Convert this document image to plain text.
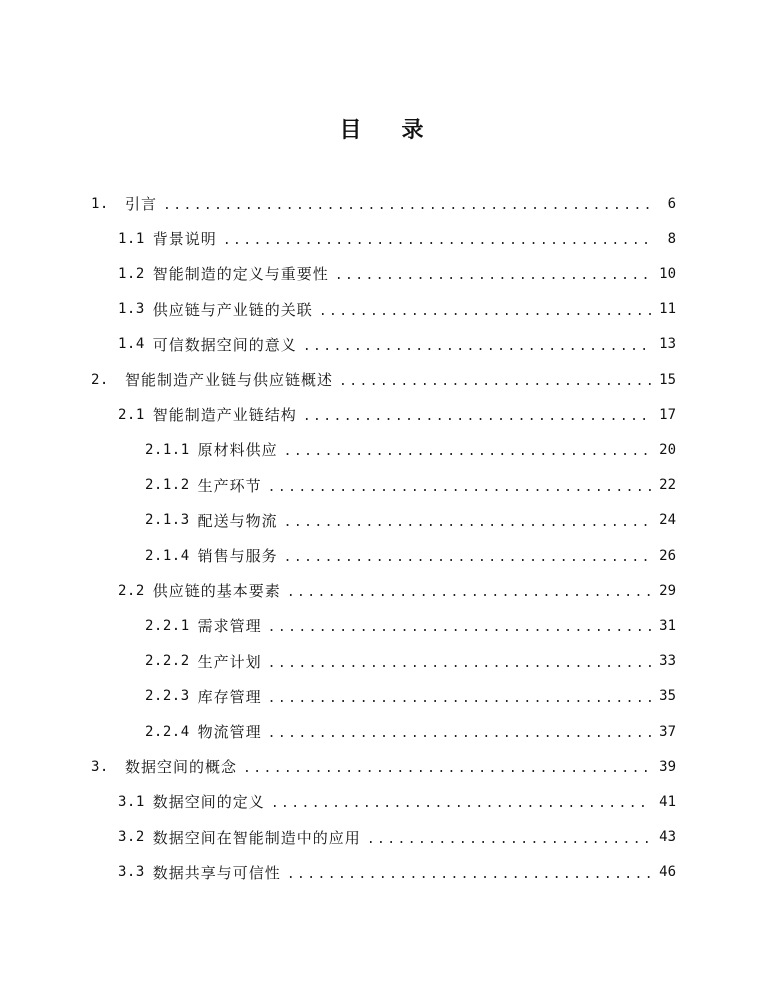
目 录
1.	引言 .....	6
1.1 背景说明 .....	8
1.2 智能制造的定义与重要性 .....	10
1.3 供应链与产业链的关联 .....	11
1.4 可信数据空间的意义 .....	13
2.	智能制造产业链与供应链概述 .....	15
2.1 智能制造产业链结构 .....	17
2.1.1 原材料供应 .....	20
2.1.2 生产环节 .....	22
2.1.3 配送与物流 .....	24
2.1.4 销售与服务 .....	26
2.2 供应链的基本要素 .....	29
2.2.1 需求管理 .....	31
2.2.2 生产计划 .....	33
2.2.3 库存管理 .....	35
2.2.4 物流管理 .....	37
3.	数据空间的概念 .....	39
3.1 数据空间的定义 .....	41
3.2 数据空间在智能制造中的应用 .....	43
3.3 数据共享与可信性 .....	46
